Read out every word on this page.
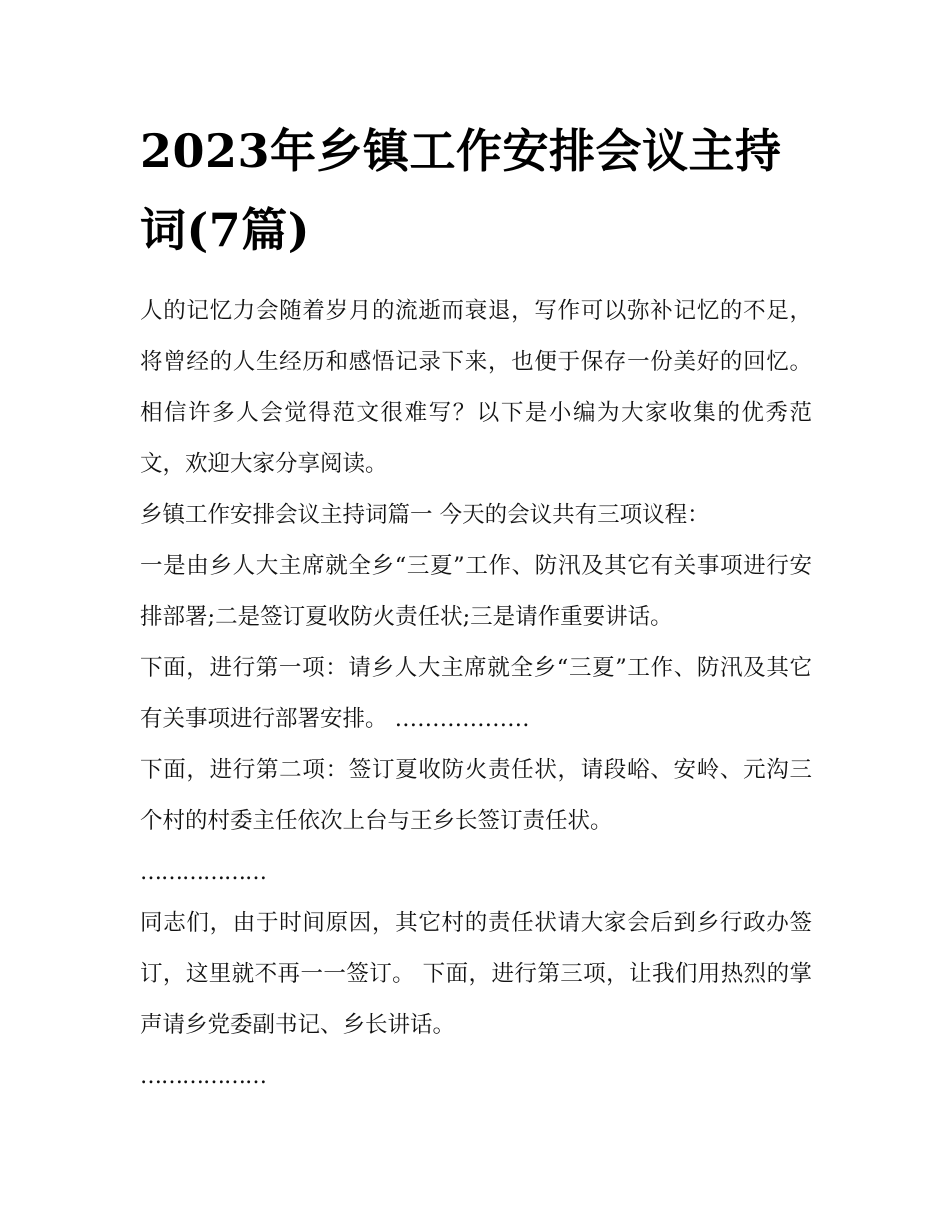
2023年乡镇工作安排会议主持词(7篇)

人的记忆力会随着岁月的流逝而衰退，写作可以弥补记忆的不足，将曾经的人生经历和感悟记录下来，也便于保存一份美好的回忆。相信许多人会觉得范文很难写？以下是小编为大家收集的优秀范文，欢迎大家分享阅读。

乡镇工作安排会议主持词篇一 今天的会议共有三项议程：

一是由乡人大主席就全乡“三夏”工作、防汛及其它有关事项进行安排部署;二是签订夏收防火责任状;三是请作重要讲话。

下面，进行第一项：请乡人大主席就全乡“三夏”工作、防汛及其它有关事项进行部署安排。 ………………

下面，进行第二项：签订夏收防火责任状，请段峪、安岭、元沟三个村的村委主任依次上台与王乡长签订责任状。

………………

同志们，由于时间原因，其它村的责任状请大家会后到乡行政办签订，这里就不再一一签订。 下面，进行第三项，让我们用热烈的掌声请乡党委副书记、乡长讲话。

………………
